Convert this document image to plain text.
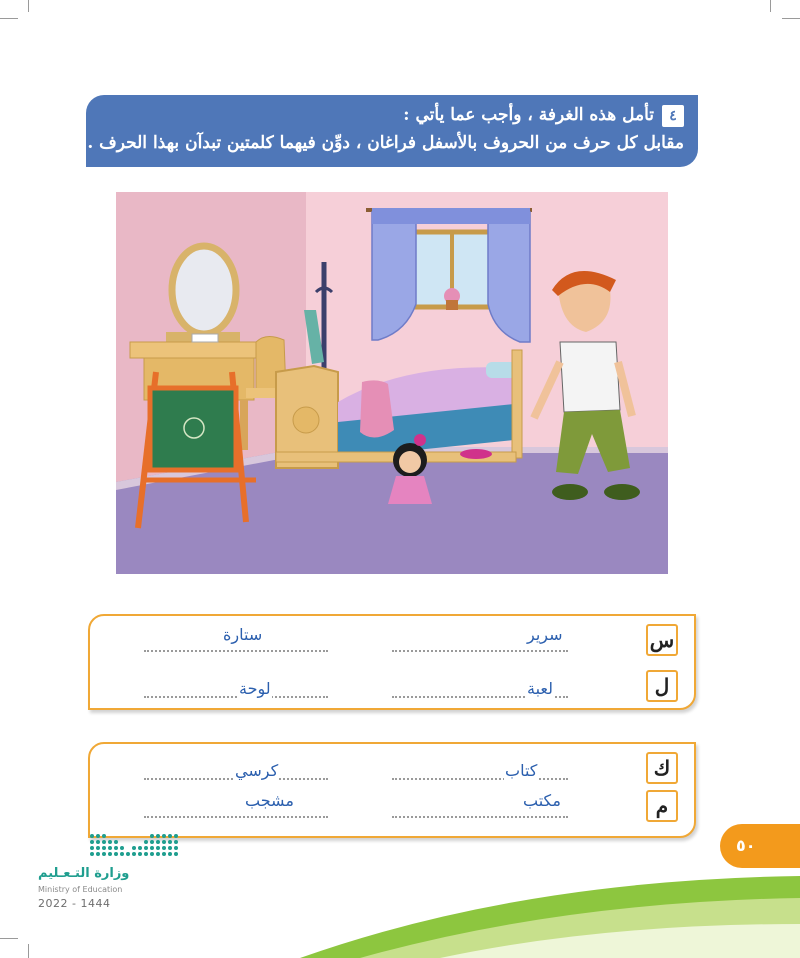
٤تأمل هذه الغرفة ، وأجب عما يأتي :
مقابل كل حرف من الحروف بالأسفل فراغان ، دوِّن فيهما كلمتين تبدآن بهذا الحرف .
س
سرير
ستارة
ل
لعبة
لوحة
ك
كتاب
كرسي
م
مكتب
مشجب
٥٠
وزارة التـعـليم
Ministry of Education
2022 - 1444
